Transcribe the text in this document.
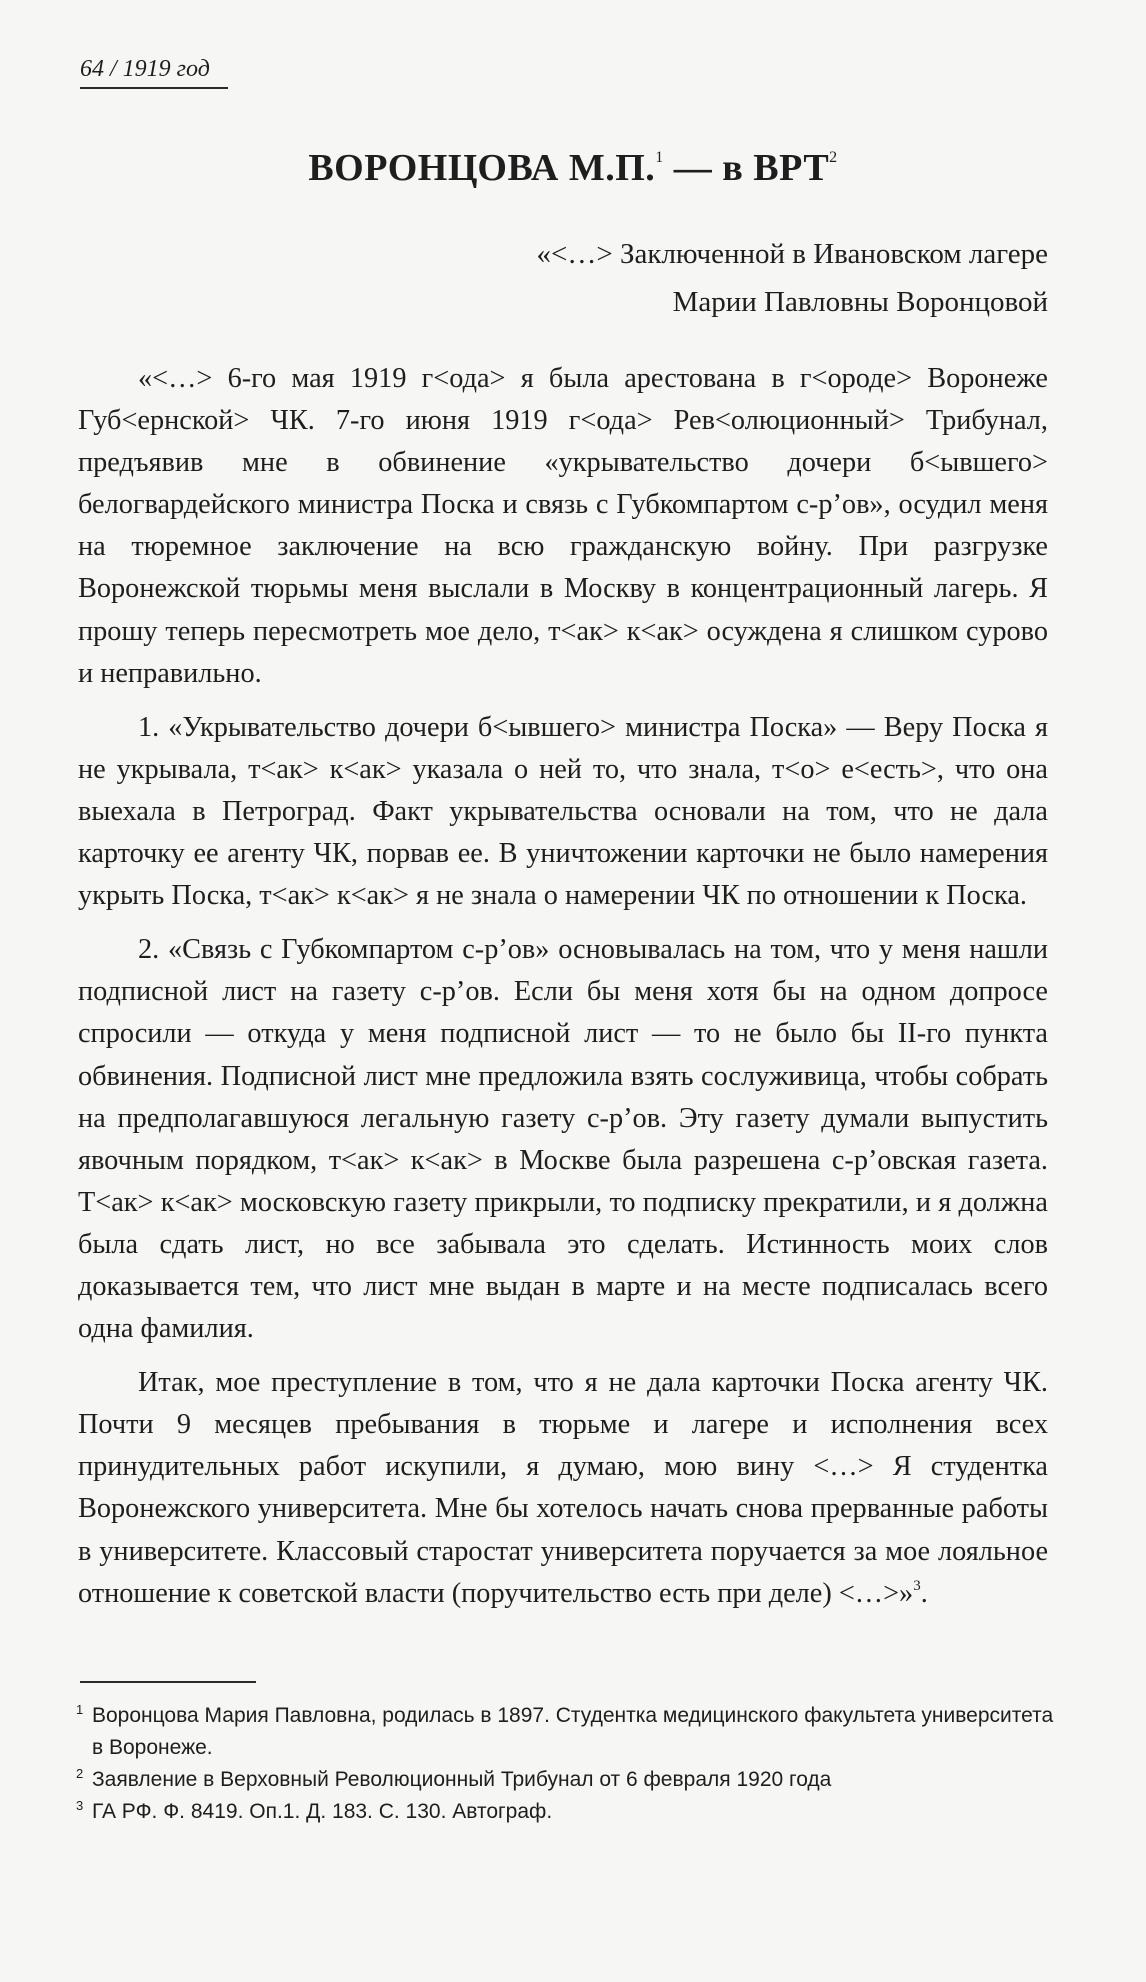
64 / 1919 год
ВОРОНЦОВА М.П.$^1$ — в ВРТ$^2$
«<…> Заключенной в Ивановском лагере
Марии Павловны Воронцовой

«<…> 6-го мая 1919 г<ода> я была арестована в г<ороде> Воронеже Губ<ернской> ЧК. 7-го июня 1919 г<ода> Рев<олюционный> Трибунал, предъявив мне в обвинение «укрывательство дочери б<ывшего> белогвардейского министра Поска и связь с Губкомпартом с-р’ов», осудил меня на тюремное заключение на всю гражданскую войну. При разгрузке Воронежской тюрьмы меня выслали в Москву в концентрационный лагерь. Я прошу теперь пересмотреть мое дело, т<ак> к<ак> осуждена я слишком сурово и неправильно.

1. «Укрывательство дочери б<ывшего> министра Поска» — Веру Поска я не укрывала, т<ак> к<ак> указала о ней то, что знала, т<о> е<есть>, что она выехала в Петроград. Факт укрывательства основали на том, что не дала карточку ее агенту ЧК, порвав ее. В уничтожении карточки не было намерения укрыть Поска, т<ак> к<ак> я не знала о намерении ЧК по отношении к Поска.

2. «Связь с Губкомпартом с-р’ов» основывалась на том, что у меня нашли подписной лист на газету с-р’ов. Если бы меня хотя бы на одном допросе спросили — откуда у меня подписной лист — то не было бы II-го пункта обвинения. Подписной лист мне предложила взять сослуживица, чтобы собрать на предполагавшуюся легальную газету с-р’ов. Эту газету думали выпустить явочным порядком, т<ак> к<ак> в Москве была разрешена с-р’овская газета. Т<ак> к<ак> московскую газету прикрыли, то подписку прекратили, и я должна была сдать лист, но все забывала это сделать. Истинность моих слов доказывается тем, что лист мне выдан в марте и на месте подписалась всего одна фамилия.

Итак, мое преступление в том, что я не дала карточки Поска агенту ЧК. Почти 9 месяцев пребывания в тюрьме и лагере и исполнения всех принудительных работ искупили, я думаю, мою вину <…> Я студентка Воронежского университета. Мне бы хотелось начать снова прерванные работы в университете. Классовый старостат университета поручается за мое лояльное отношение к советской власти (поручительство есть при деле) <…>»$^3$.

1 Воронцова Мария Павловна, родилась в 1897. Студентка медицинского факультета университета в Воронеже.
2 Заявление в Верховный Революционный Трибунал от 6 февраля 1920 года
3 ГА РФ. Ф. 8419. Оп.1. Д. 183. С. 130. Автограф.
